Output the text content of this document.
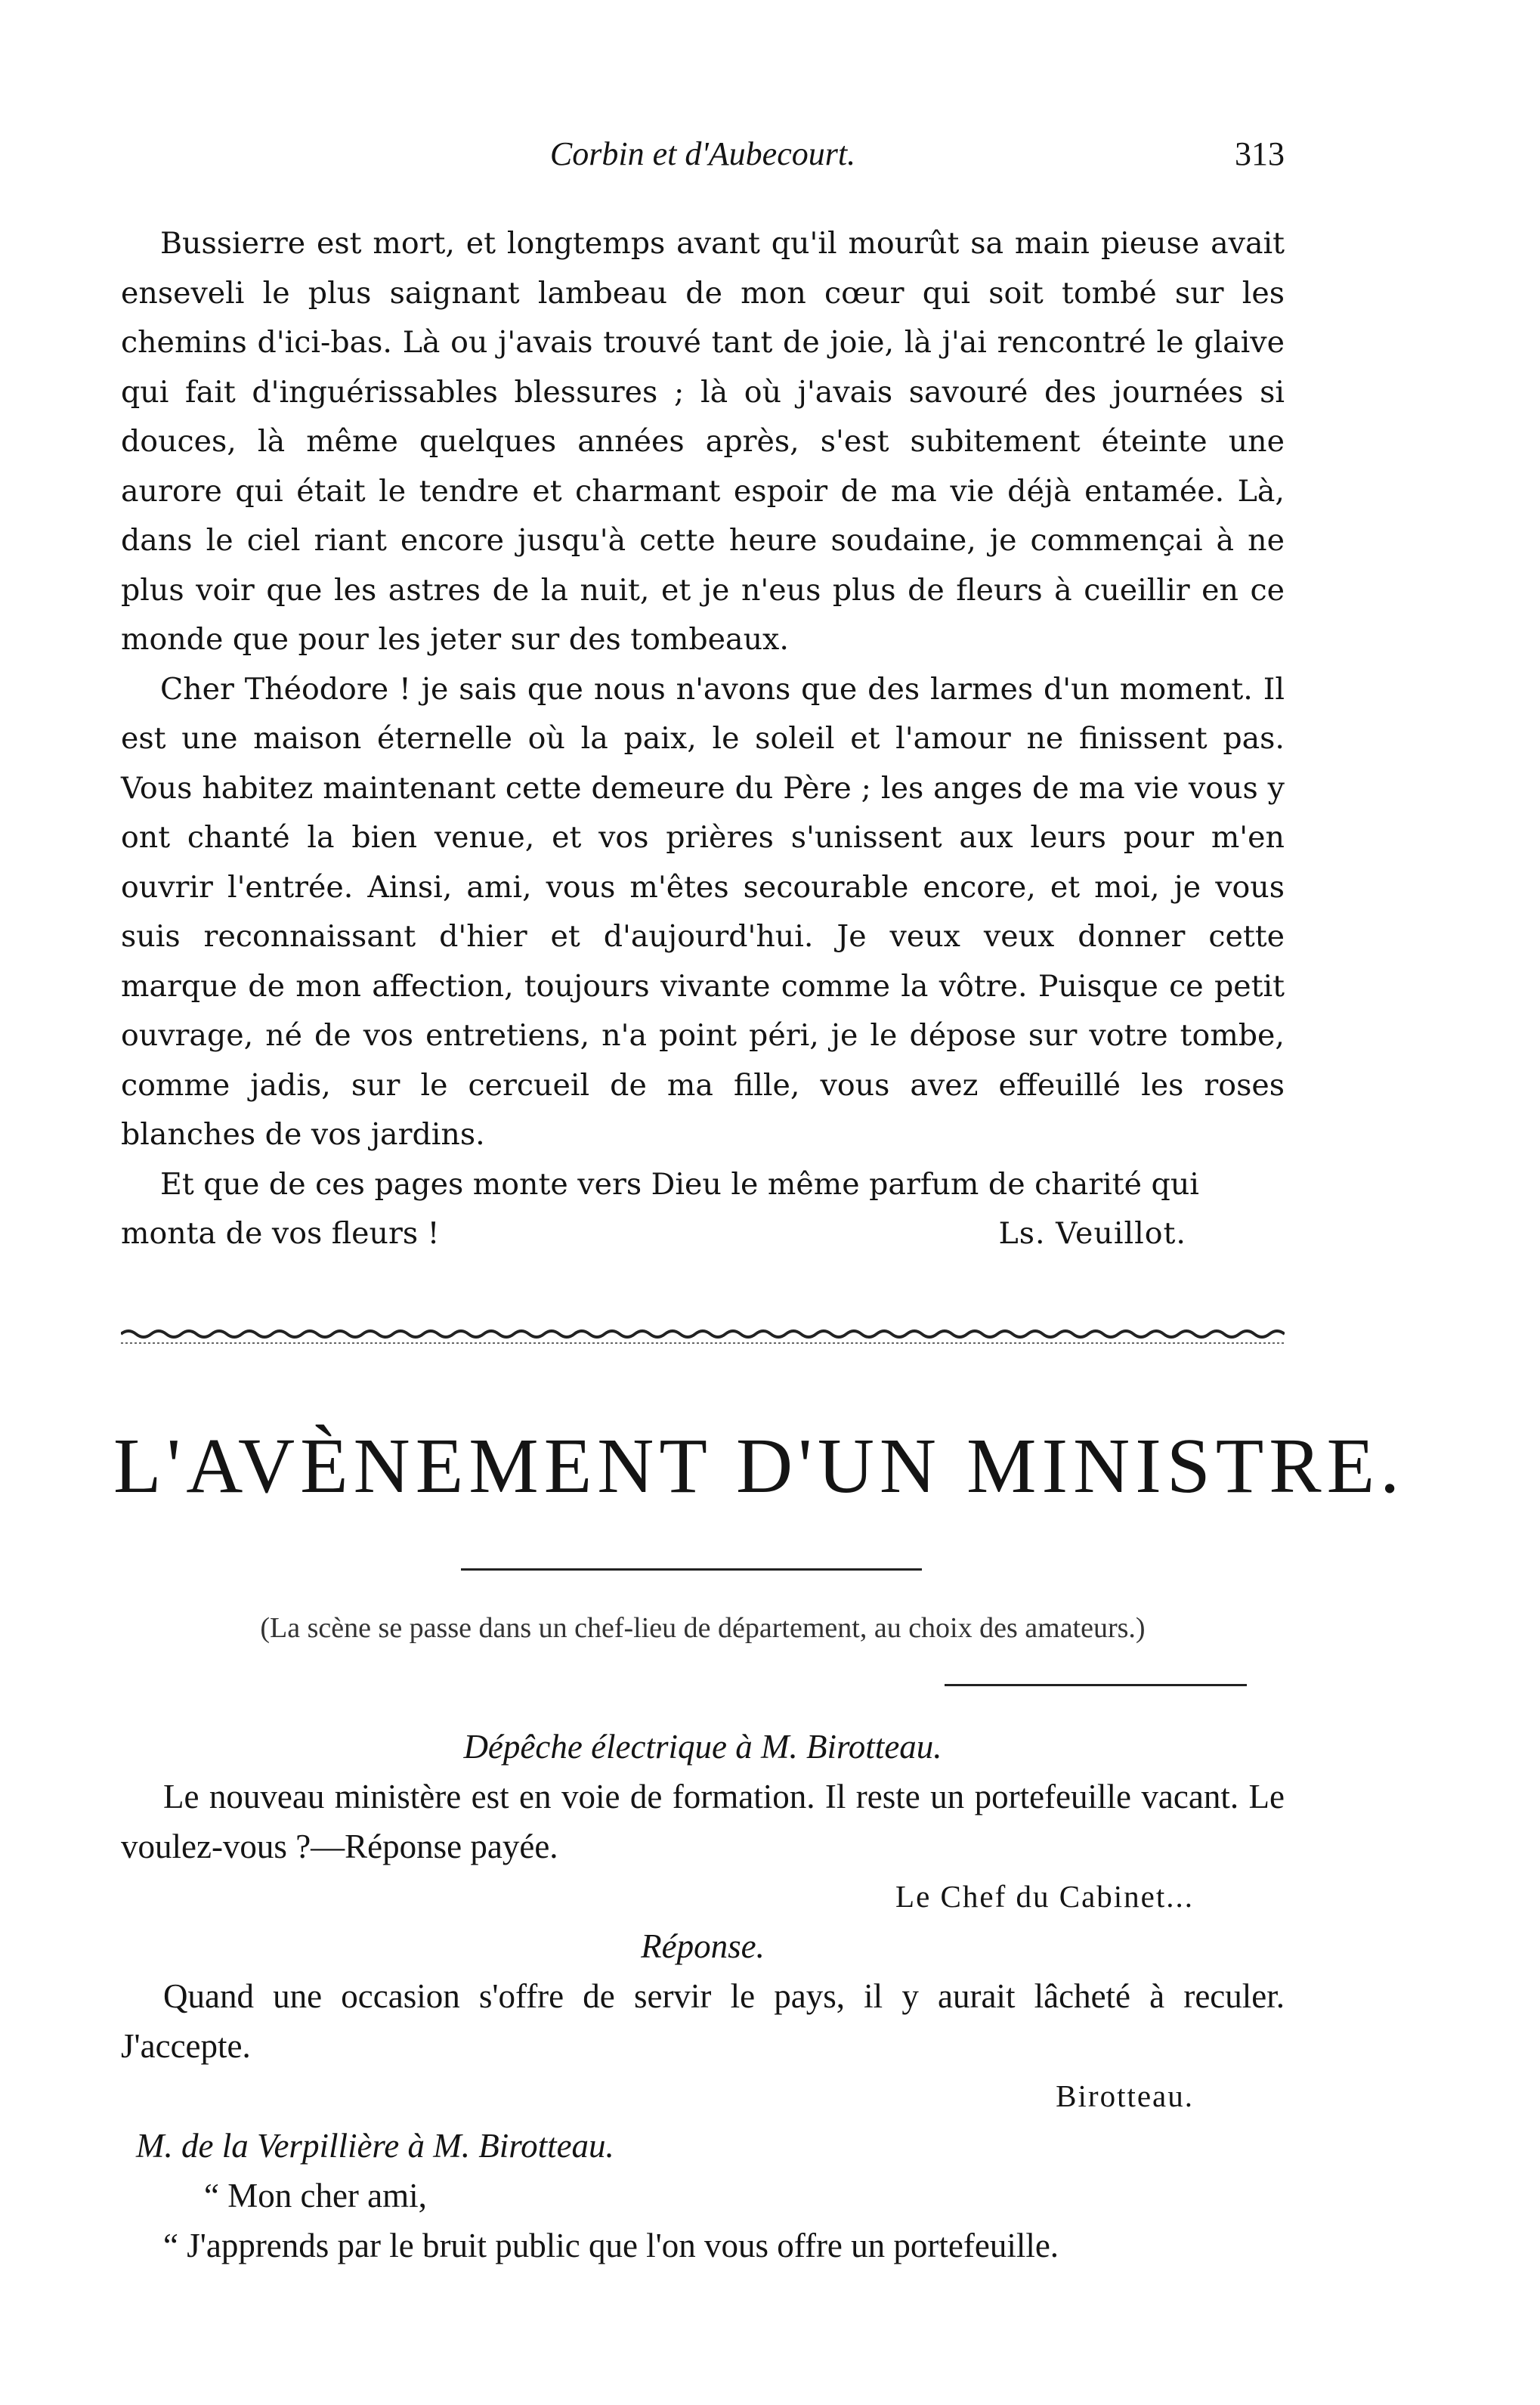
Corbin et d'Aubecourt.	313

Bussierre est mort, et longtemps avant qu'il mourût sa main pieuse avait enseveli le plus saignant lambeau de mon cœur qui soit tombé sur les chemins d'ici-bas. Là ou j'avais trouvé tant de joie, là j'ai rencontré le glaive qui fait d'inguérissables blessures ; là où j'avais savouré des journées si douces, là même quelques années après, s'est subitement éteinte une aurore qui était le tendre et charmant espoir de ma vie déjà entamée. Là, dans le ciel riant encore jusqu'à cette heure soudaine, je commençai à ne plus voir que les astres de la nuit, et je n'eus plus de fleurs à cueillir en ce monde que pour les jeter sur des tombeaux.

Cher Théodore ! je sais que nous n'avons que des larmes d'un moment. Il est une maison éternelle où la paix, le soleil et l'amour ne finissent pas. Vous habitez maintenant cette demeure du Père ; les anges de ma vie vous y ont chanté la bien venue, et vos prières s'unissent aux leurs pour m'en ouvrir l'entrée. Ainsi, ami, vous m'êtes secourable encore, et moi, je vous suis reconnaissant d'hier et d'aujourd'hui. Je veux veux donner cette marque de mon affection, toujours vivante comme la vôtre. Puisque ce petit ouvrage, né de vos entretiens, n'a point péri, je le dépose sur votre tombe, comme jadis, sur le cercueil de ma fille, vous avez effeuillé les roses blanches de vos jardins.

Et que de ces pages monte vers Dieu le même parfum de charité qui

monta de vos fleurs !	Ls. Veuillot.
L'AVÈNEMENT D'UN MINISTRE.
(La scène se passe dans un chef-lieu de département, au choix des amateurs.)

Dépêche électrique à M. Birotteau.

Le nouveau ministère est en voie de formation. Il reste un portefeuille vacant. Le voulez-vous ?—Réponse payée.

Le Chef du Cabinet...

Réponse.

Quand une occasion s'offre de servir le pays, il y aurait lâcheté à reculer. J'accepte.

Birotteau.

M. de la Verpillière à M. Birotteau.

“ Mon cher ami,

“ J'apprends par le bruit public que l'on vous offre un portefeuille.
